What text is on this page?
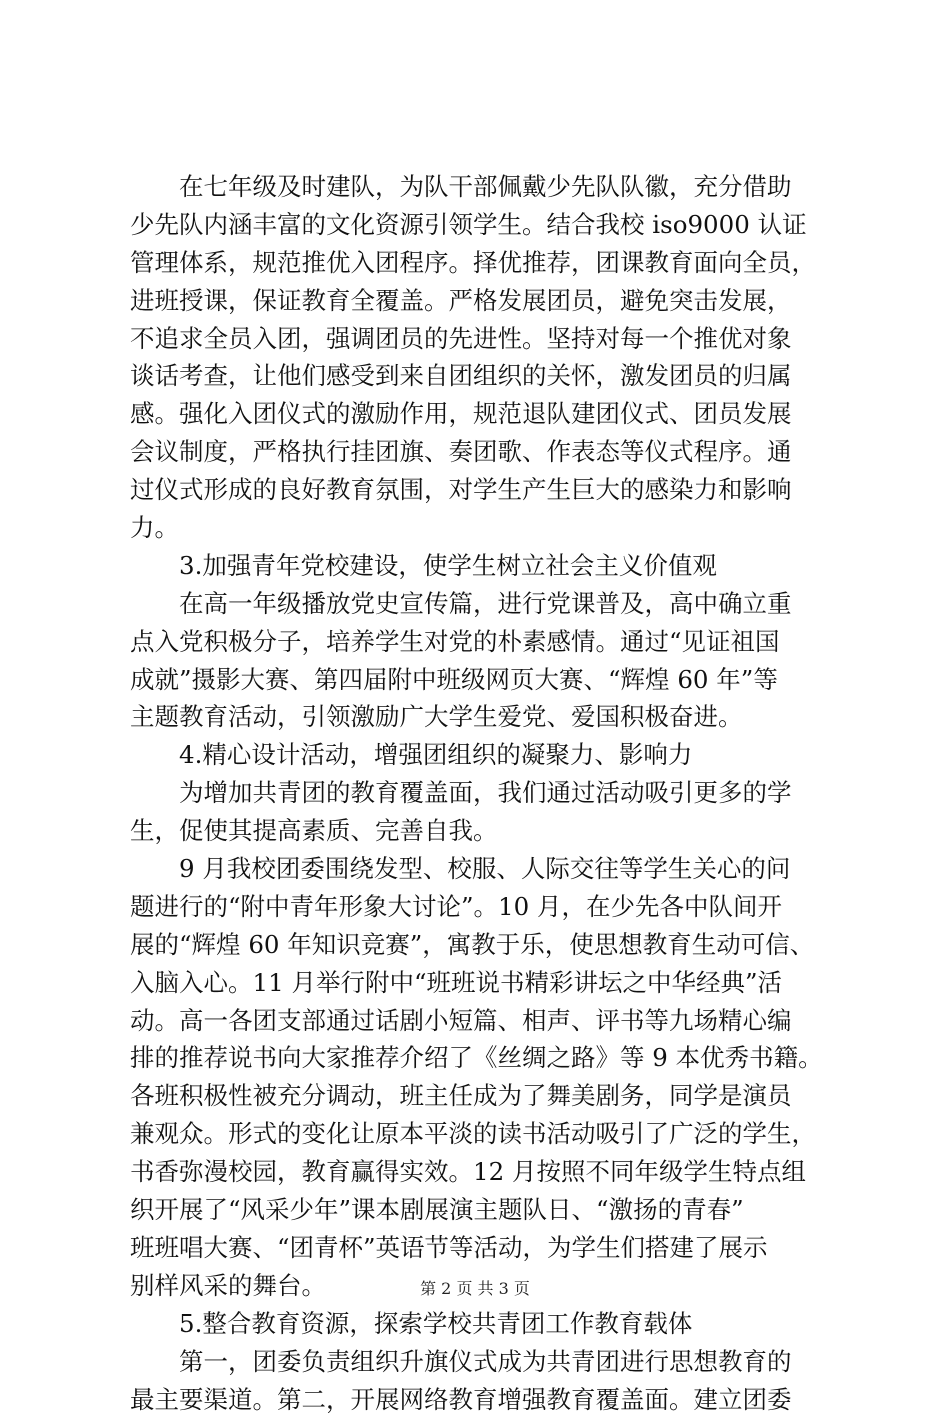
　　在七年级及时建队，为队干部佩戴少先队队徽，充分借助
少先队内涵丰富的文化资源引领学生。结合我校 iso9000 认证
管理体系，规范推优入团程序。择优推荐，团课教育面向全员，
进班授课，保证教育全覆盖。严格发展团员，避免突击发展，
不追求全员入团，强调团员的先进性。坚持对每一个推优对象
谈话考查，让他们感受到来自团组织的关怀，激发团员的归属
感。强化入团仪式的激励作用，规范退队建团仪式、团员发展
会议制度，严格执行挂团旗、奏团歌、作表态等仪式程序。通
过仪式形成的良好教育氛围，对学生产生巨大的感染力和影响
力。
　　3.加强青年党校建设，使学生树立社会主义价值观
　　在高一年级播放党史宣传篇，进行党课普及，高中确立重
点入党积极分子，培养学生对党的朴素感情。通过“见证祖国
成就”摄影大赛、第四届附中班级网页大赛、“辉煌 60 年”等
主题教育活动，引领激励广大学生爱党、爱国积极奋进。
　　4.精心设计活动，增强团组织的凝聚力、影响力
　　为增加共青团的教育覆盖面，我们通过活动吸引更多的学
生，促使其提高素质、完善自我。
　　9 月我校团委围绕发型、校服、人际交往等学生关心的问
题进行的“附中青年形象大讨论”。10 月，在少先各中队间开
展的“辉煌 60 年知识竞赛”，寓教于乐，使思想教育生动可信、
入脑入心。11 月举行附中“班班说书精彩讲坛之中华经典”活
动。高一各团支部通过话剧小短篇、相声、评书等九场精心编
排的推荐说书向大家推荐介绍了《丝绸之路》等 9 本优秀书籍。
各班积极性被充分调动，班主任成为了舞美剧务，同学是演员
兼观众。形式的变化让原本平淡的读书活动吸引了广泛的学生，
书香弥漫校园，教育赢得实效。12 月按照不同年级学生特点组
织开展了“风采少年”课本剧展演主题队日、“激扬的青春”
班班唱大赛、“团青杯”英语节等活动，为学生们搭建了展示
别样风采的舞台。
　　5.整合教育资源，探索学校共青团工作教育载体
　　第一，团委负责组织升旗仪式成为共青团进行思想教育的
最主要渠道。第二，开展网络教育增强教育覆盖面。建立团委
第 2 页 共 3 页
